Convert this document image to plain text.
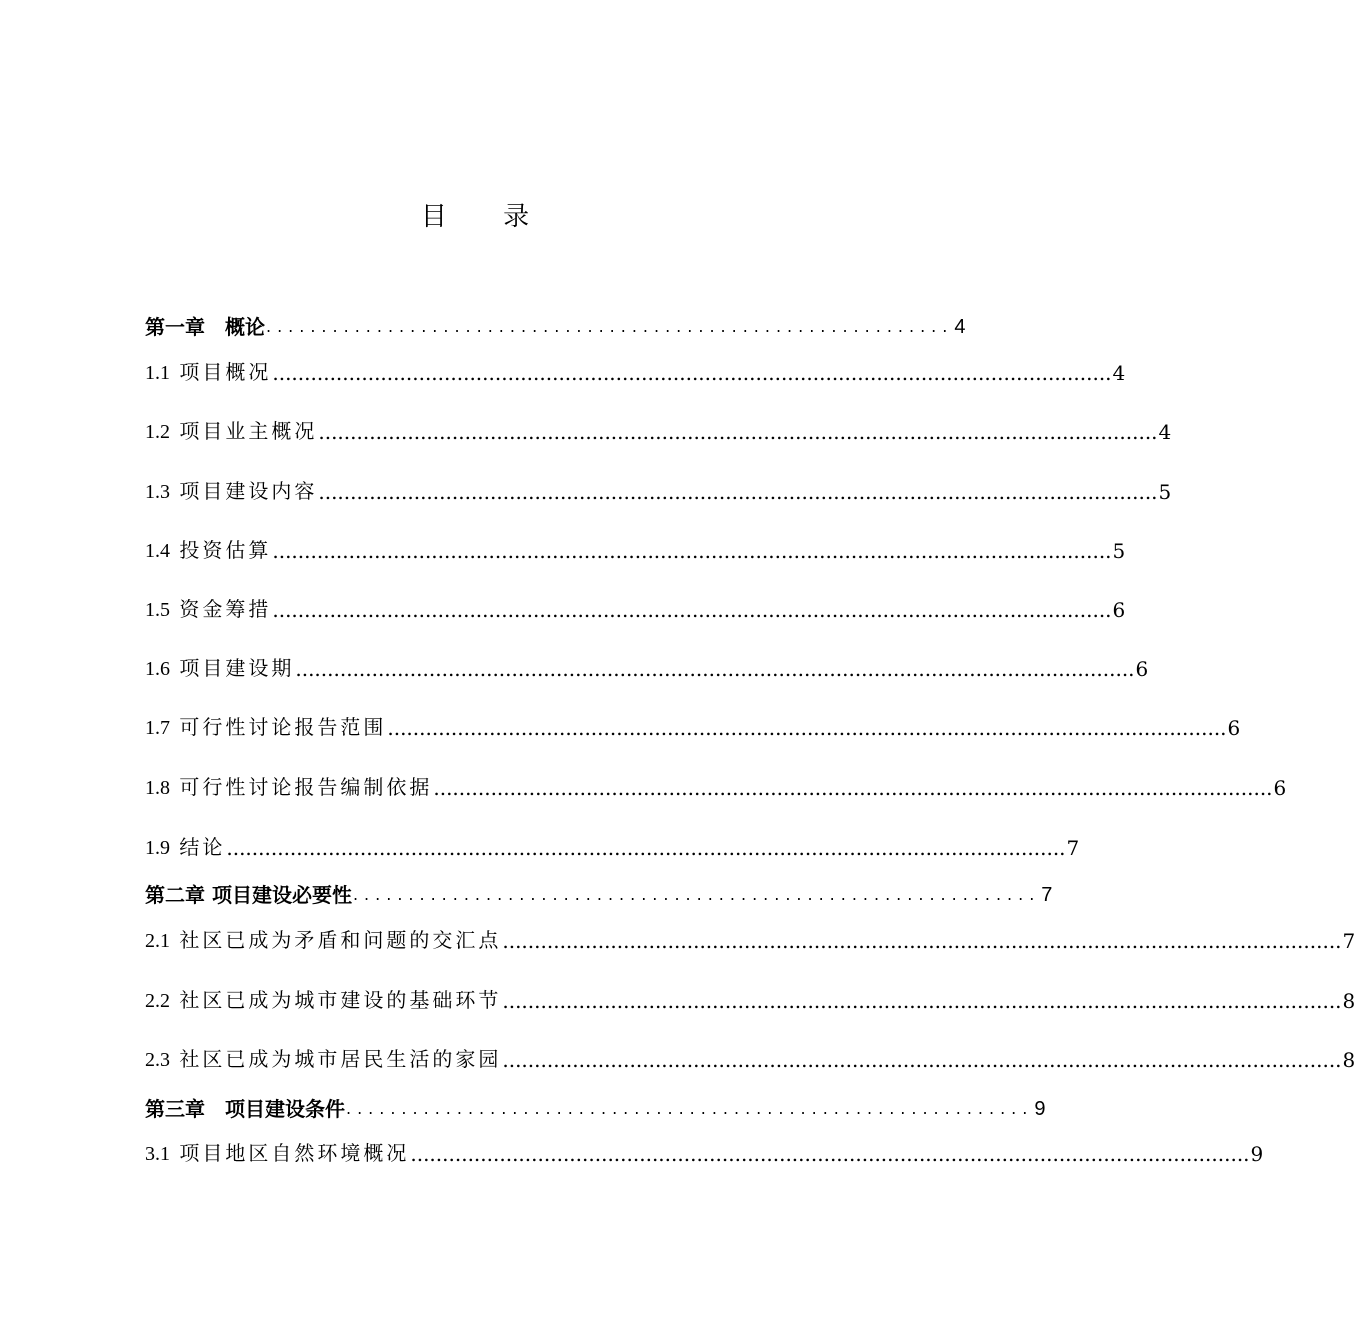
目 录
第一章　概论 .............................................................. 4
1.1 项目概况 .................................................................................................................................... 4
1.2 项目业主概况 .................................................................................................................................... 4
1.3 项目建设内容 .................................................................................................................................... 5
1.4 投资估算 .................................................................................................................................... 5
1.5 资金筹措 .................................................................................................................................... 6
1.6 项目建设期 .................................................................................................................................... 6
1.7 可行性讨论报告范围 .................................................................................................................................... 6
1.8 可行性讨论报告编制依据 .................................................................................................................................... 6
1.9 结论 .................................................................................................................................... 7
第二章 项目建设必要性 .............................................................. 7
2.1 社区已成为矛盾和问题的交汇点 .................................................................................................................................... 7
2.2 社区已成为城市建设的基础环节 .................................................................................................................................... 8
2.3 社区已成为城市居民生活的家园 .................................................................................................................................... 8
第三章　项目建设条件 .............................................................. 9
3.1 项目地区自然环境概况 .................................................................................................................................... 9
